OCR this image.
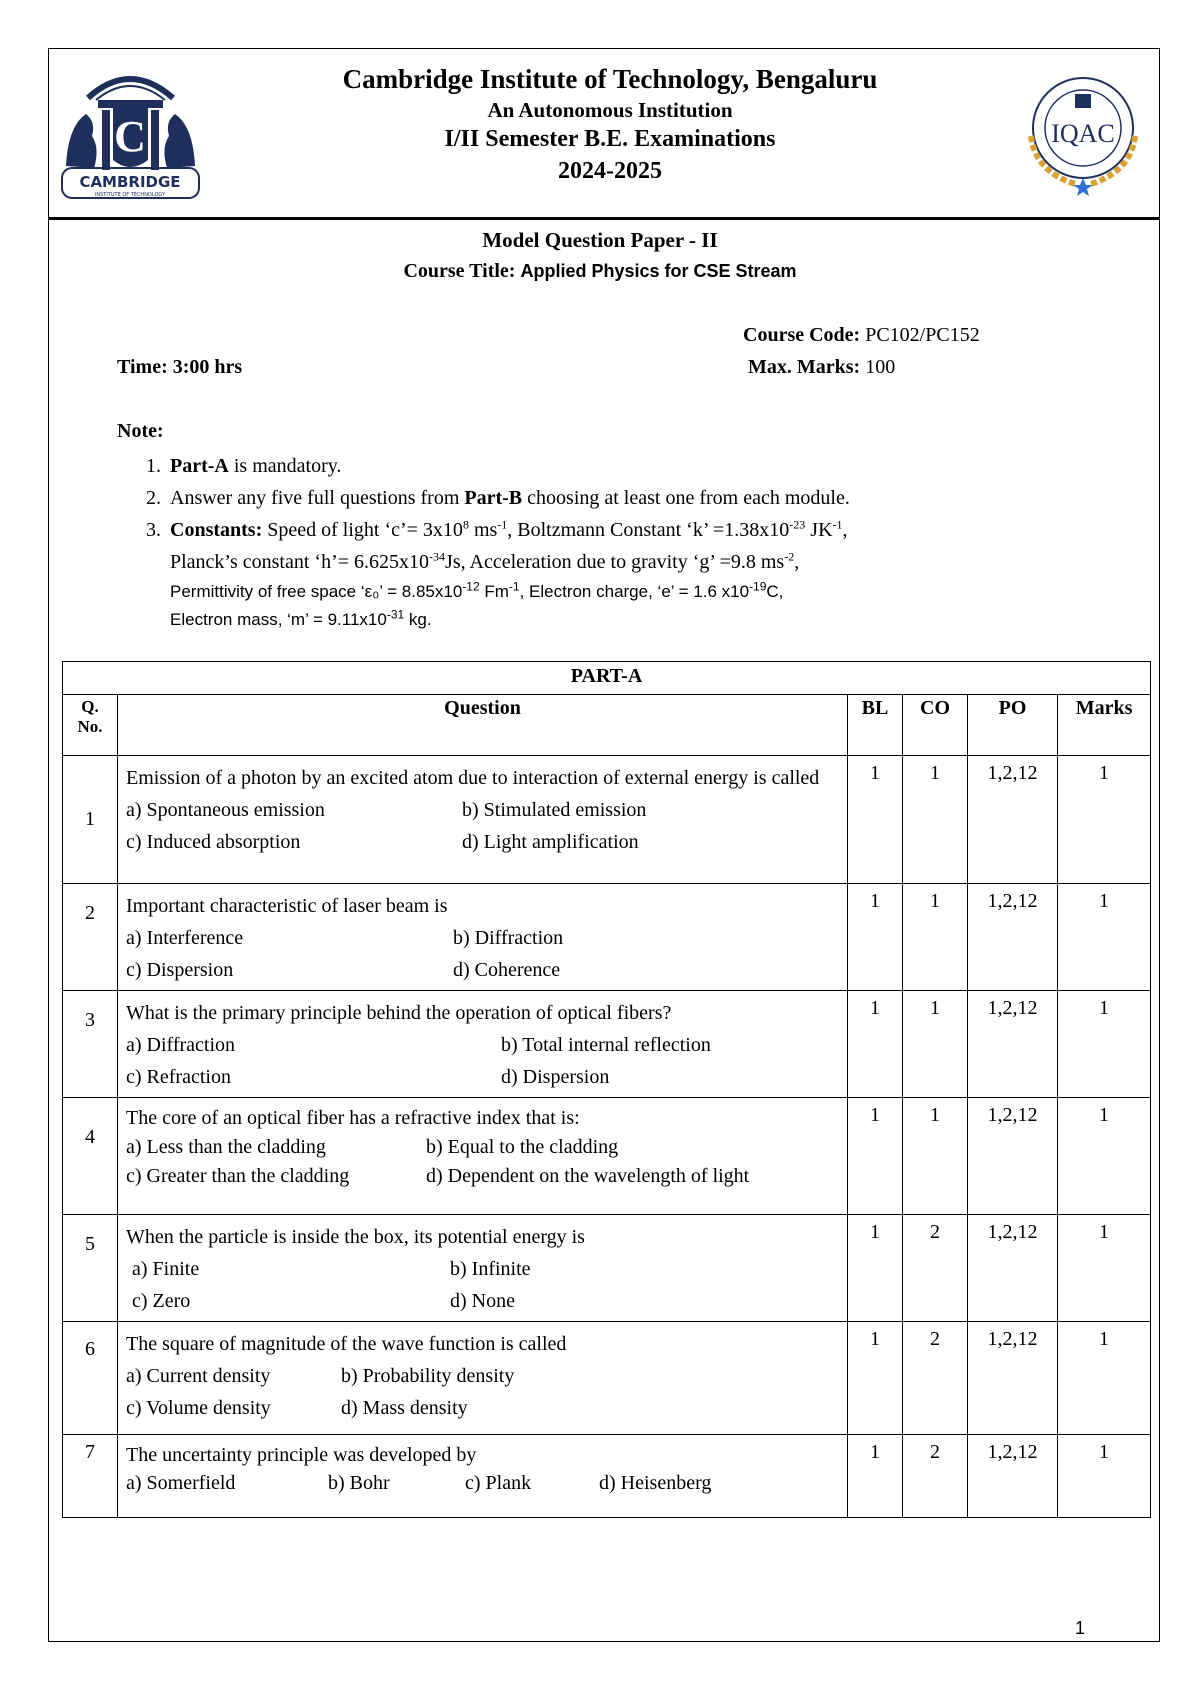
C
CAMBRIDGE
INSTITUTE OF TECHNOLOGY
IQAC
Cambridge Institute of Technology, Bengaluru
An Autonomous Institution
I/II Semester B.E. Examinations
2024-2025
Model Question Paper - II
Course Title: Applied Physics for CSE Stream
Course Code: PC102/PC152
Time: 3:00 hrs	Max. Marks: 100
Note:
1. Part-A is mandatory.
2. Answer any five full questions from Part-B choosing at least one from each module.
3. Constants: Speed of light ‘c’= $3x10^8$ $ms^{-1}$, Boltzmann Constant ‘k’ $=1.38x10^{-23}$ $JK^{-1}$,
Planck’s constant ‘h’= $6.625x10^{-34}Js$, Acceleration due to gravity ‘g’ =9.8 $ms^{-2}$,
Permittivity of free space ‘ε₀’ = $8.85x10^{-12}$ $Fm^{-1}$, Electron charge, ‘e’ = 1.6 $x10^{-19}C$,
Electron mass, ‘m’ = $9.11x10^{-31}$ kg.
PART-A					
Q. No.	Question	BL	CO	PO	Marks
1	Emission of a photon by an excited atom due to interaction of external energy is called
a) Spontaneous emission b) Stimulated emission
c) Induced absorption d) Light amplification	1	1	1,2,12	1
2	Important characteristic of laser beam is
a) Interference b) Diffraction
c) Dispersion d) Coherence	1	1	1,2,12	1
3	What is the primary principle behind the operation of optical fibers?
a) Diffraction b) Total internal reflection
c) Refraction d) Dispersion	1	1	1,2,12	1
4	The core of an optical fiber has a refractive index that is:
a) Less than the cladding b) Equal to the cladding
c) Greater than the cladding d) Dependent on the wavelength of light	1	1	1,2,12	1
5	When the particle is inside the box, its potential energy is
a) Finite b) Infinite
c) Zero d) None	1	2	1,2,12	1
6	The square of magnitude of the wave function is called
a) Current density b) Probability density
c) Volume density d) Mass density	1	2	1,2,12	1
7	The uncertainty principle was developed by
a) Somerfield b) Bohr c) Plank d) Heisenberg	1	2	1,2,12	1
1
